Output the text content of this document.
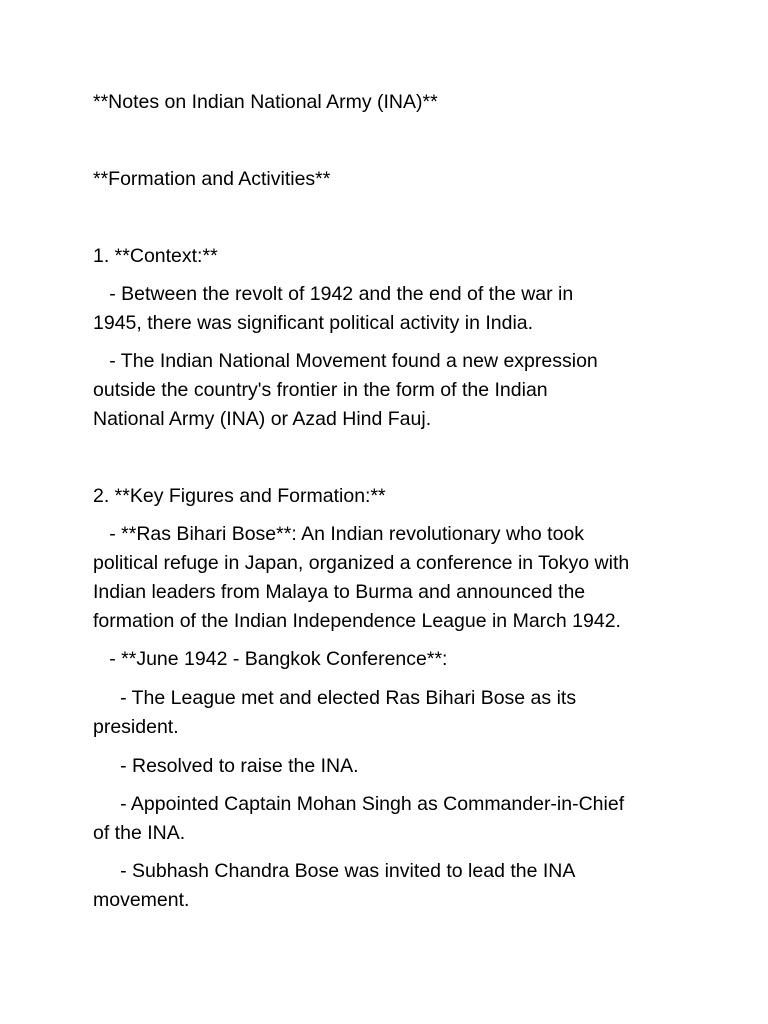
**Notes on Indian National Army (INA)**
**Formation and Activities**
1. **Context:**
- Between the revolt of 1942 and the end of the war in
1945, there was significant political activity in India.
- The Indian National Movement found a new expression
outside the country's frontier in the form of the Indian
National Army (INA) or Azad Hind Fauj.
2. **Key Figures and Formation:**
- **Ras Bihari Bose**: An Indian revolutionary who took
political refuge in Japan, organized a conference in Tokyo with
Indian leaders from Malaya to Burma and announced the
formation of the Indian Independence League in March 1942.
- **June 1942 - Bangkok Conference**:
- The League met and elected Ras Bihari Bose as its
president.
- Resolved to raise the INA.
- Appointed Captain Mohan Singh as Commander-in-Chief
of the INA.
- Subhash Chandra Bose was invited to lead the INA
movement.
